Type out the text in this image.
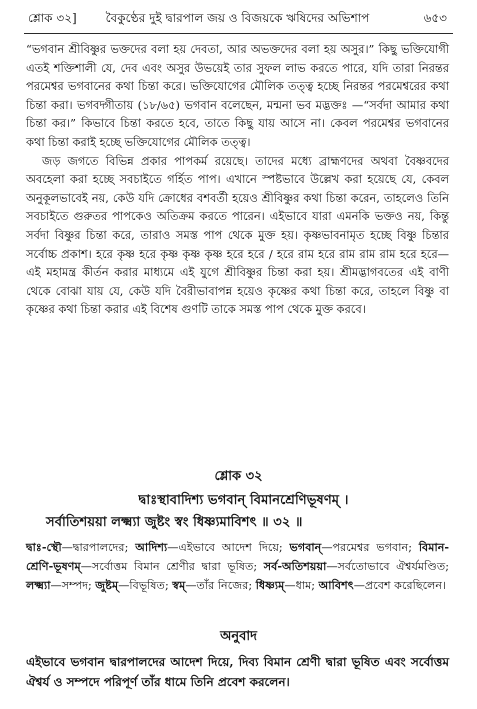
শ্লোক ৩২]	বৈকুণ্ঠের দুই দ্বারপাল জয় ও বিজয়কে ঋষিদের অভিশাপ	৬৫৩

“ভগবান শ্রীবিষ্ণুর ভক্তদের বলা হয় দেবতা, আর অভক্তদের বলা হয় অসুর।” কিছু ভক্তিযোগী এতই শক্তিশালী যে, দেব এবং অসুর উভয়েই তার সুফল লাভ করতে পারে, যদি তারা নিরন্তর পরমেশ্বর ভগবানের কথা চিন্তা করে। ভক্তিযোগের মৌলিক তত্ত্ব হচ্ছে নিরন্তর পরমেশ্বরের কথা চিন্তা করা। ভগবদ্গীতায় (১৮/৬৫) ভগবান বলেছেন, মন্মনা ভব মদ্ভক্তঃ —“সর্বদা আমার কথা চিন্তা কর।” কিভাবে চিন্তা করতে হবে, তাতে কিছু যায় আসে না। কেবল পরমেশ্বর ভগবানের কথা চিন্তা করাই হচ্ছে ভক্তিযোগের মৌলিক তত্ত্ব।

জড় জগতে বিভিন্ন প্রকার পাপকর্ম রয়েছে। তাদের মধ্যে ব্রাহ্মণদের অথবা বৈষ্ণবদের অবহেলা করা হচ্ছে সবচাইতে গর্হিত পাপ। এখানে স্পষ্টভাবে উল্লেখ করা হয়েছে যে, কেবল অনুকূলভাবেই নয়, কেউ যদি ক্রোধের বশবর্তী হয়েও শ্রীবিষ্ণুর কথা চিন্তা করেন, তাহলেও তিনি সবচাইতে গুরুতর পাপকেও অতিক্রম করতে পারেন। এইভাবে যারা এমনকি ভক্তও নয়, কিন্তু সর্বদা বিষ্ণুর চিন্তা করে, তারাও সমস্ত পাপ থেকে মুক্ত হয়। কৃষ্ণভাবনামৃত হচ্ছে বিষ্ণু চিন্তার সর্বোচ্চ প্রকাশ। হরে কৃষ্ণ হরে কৃষ্ণ কৃষ্ণ কৃষ্ণ হরে হরে / হরে রাম হরে রাম রাম রাম হরে হরে—এই মহামন্ত্র কীর্তন করার মাধ্যমে এই যুগে শ্রীবিষ্ণুর চিন্তা করা হয়। শ্রীমদ্ভাগবতের এই বাণী থেকে বোঝা যায় যে, কেউ যদি বৈরীভাবাপন্ন হয়েও কৃষ্ণের কথা চিন্তা করে, তাহলে বিষ্ণু বা কৃষ্ণের কথা চিন্তা করার এই বিশেষ গুণটি তাকে সমস্ত পাপ থেকে মুক্ত করবে।

শ্লোক ৩২
দ্বাঃস্থাবাদিশ্য ভগবান্ বিমানশ্রেণিভূষণম্ ।
সর্বাতিশয়য়া লক্ষ্ম্যা জুষ্টং স্বং ধিষ্ণ্যমাবিশৎ ॥ ৩২ ॥

দ্বাঃ-স্থৌ—দ্বারপালদের; আদিশ্য—এইভাবে আদেশ দিয়ে; ভগবান্—পরমেশ্বর ভগবান; বিমান-শ্রেণি-ভূষণম্—সর্বোত্তম বিমান শ্রেণীর দ্বারা ভূষিত; সর্ব-অতিশয়য়া—সর্বতোভাবে ঐশ্বর্যমণ্ডিত; লক্ষ্ম্যা—সম্পদ; জুষ্টম্—বিভূষিত; স্বম্—তাঁর নিজের; ধিষ্ণ্যম্—ধাম; আবিশৎ—প্রবেশ করেছিলেন।

অনুবাদ

এইভাবে ভগবান দ্বারপালদের আদেশ দিয়ে, দিব্য বিমান শ্রেণী দ্বারা ভূষিত এবং সর্বোত্তম ঐশ্বর্য ও সম্পদে পরিপূর্ণ তাঁর ধামে তিনি প্রবেশ করলেন।
